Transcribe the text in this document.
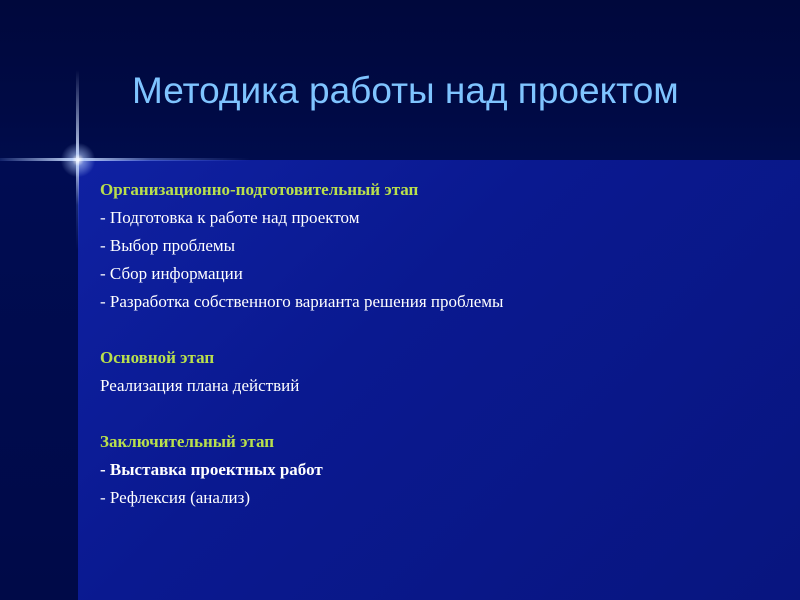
Методика работы над проектом
Организационно-подготовительный этап
- Подготовка к работе над проектом
- Выбор проблемы
- Сбор информации
- Разработка собственного варианта решения проблемы
Основной этап
Реализация плана действий
Заключительный этап
- Выставка проектных работ
- Рефлексия (анализ)
